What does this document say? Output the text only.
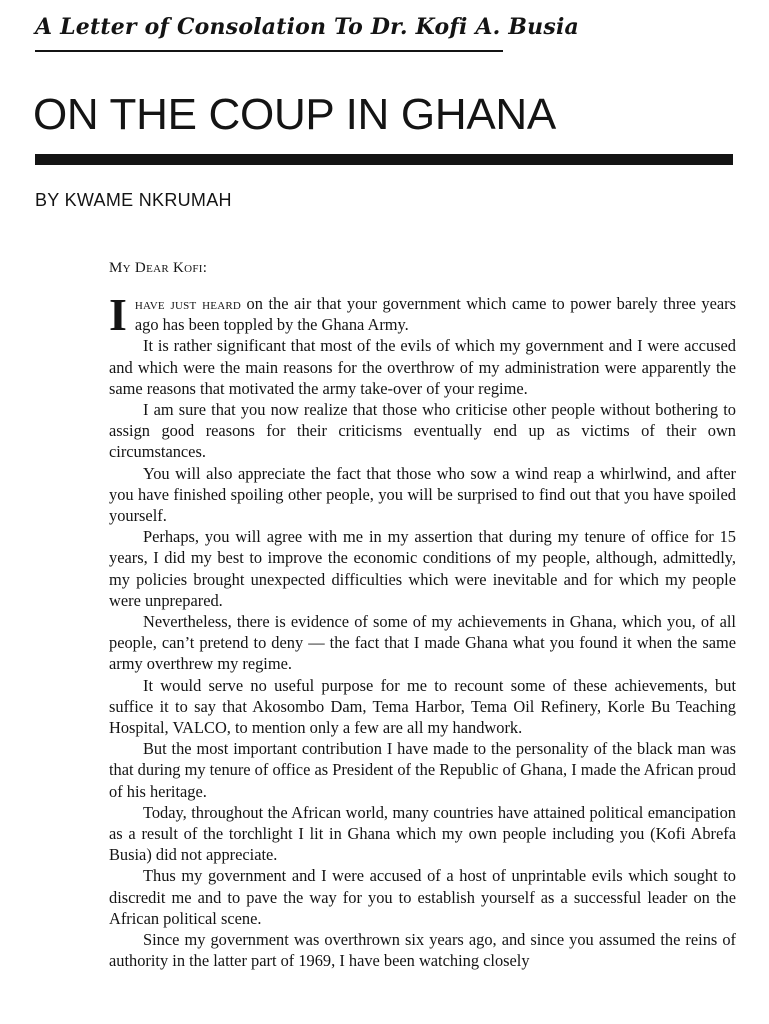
A Letter of Consolation To Dr. Kofi A. Busia
ON THE COUP IN GHANA
BY KWAME NKRUMAH
My Dear Kofi:

Ihave just heard on the air that your government which came to power barely three years ago has been toppled by the Ghana Army.

It is rather significant that most of the evils of which my government and I were accused and which were the main reasons for the overthrow of my administration were apparently the same reasons that motivated the army take-over of your regime.

I am sure that you now realize that those who criticise other people without bothering to assign good reasons for their criticisms eventually end up as victims of their own circumstances.

You will also appreciate the fact that those who sow a wind reap a whirlwind, and after you have finished spoiling other people, you will be surprised to find out that you have spoiled yourself.

Perhaps, you will agree with me in my assertion that during my tenure of office for 15 years, I did my best to improve the economic conditions of my people, although, admittedly, my policies brought unexpected difficulties which were inevitable and for which my people were unprepared.

Nevertheless, there is evidence of some of my achievements in Ghana, which you, of all people, can’t pretend to deny — the fact that I made Ghana what you found it when the same army overthrew my regime.

It would serve no useful purpose for me to recount some of these achievements, but suffice it to say that Akosombo Dam, Tema Harbor, Tema Oil Refinery, Korle Bu Teaching Hospital, VALCO, to mention only a few are all my handwork.

But the most important contribution I have made to the personality of the black man was that during my tenure of office as President of the Republic of Ghana, I made the African proud of his heritage.

Today, throughout the African world, many countries have attained political emancipation as a result of the torchlight I lit in Ghana which my own people including you (Kofi Abrefa Busia) did not appreciate.

Thus my government and I were accused of a host of unprintable evils which sought to discredit me and to pave the way for you to establish yourself as a successful leader on the African political scene.

Since my government was overthrown six years ago, and since you assumed the reins of authority in the latter part of 1969, I have been watching closely
